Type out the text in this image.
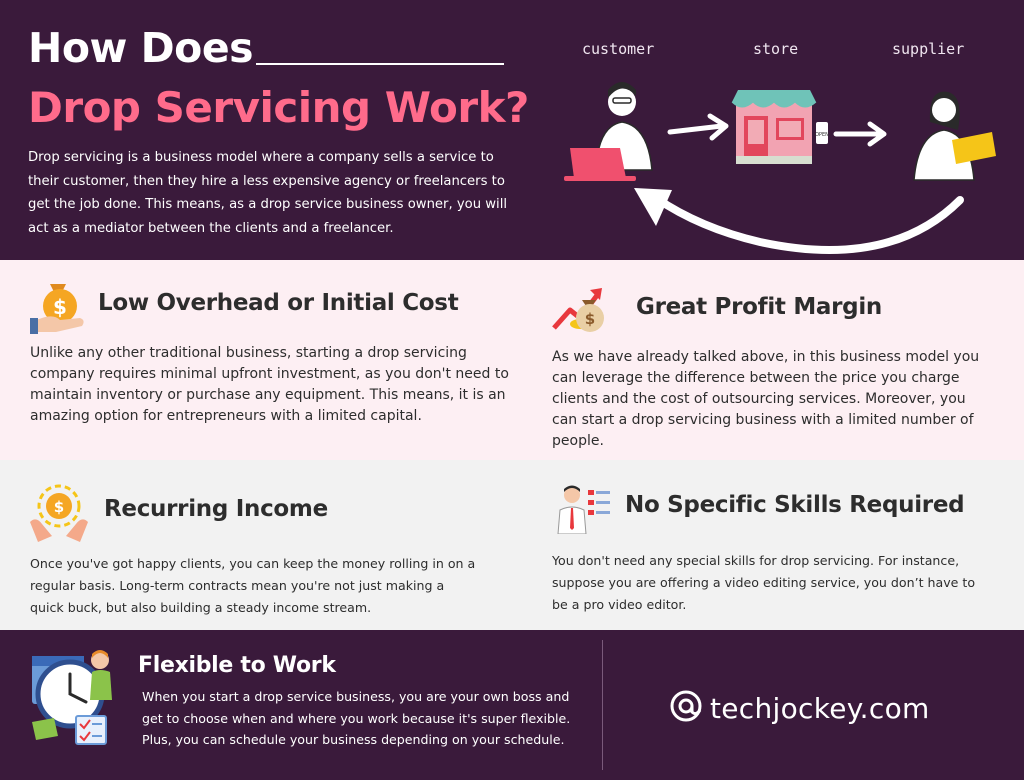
How Does
Drop Servicing Work?
Drop servicing is a business model where a company sells a service to their customer, then they hire a less expensive agency or freelancers to get the job done. This means, as a drop service business owner, you will act as a mediator between the clients and a freelancer.
customer	store	supplier
OPEN
$ Low Overhead or Initial Cost
Unlike any other traditional business, starting a drop servicing company requires minimal upfront investment, as you don't need to maintain inventory or purchase any equipment. This means, it is an amazing option for entrepreneurs with a limited capital.
$ Great Profit Margin
As we have already talked above, in this business model you can leverage the difference between the price you charge clients and the cost of outsourcing services. Moreover, you can start a drop servicing business with a limited number of people.
$ Recurring Income
Once you've got happy clients, you can keep the money rolling in on a regular basis. Long-term contracts mean you're not just making a quick buck, but also building a steady income stream.
No Specific Skills Required
You don't need any special skills for drop servicing. For instance, suppose you are offering a video editing service, you don’t have to be a pro video editor.
Flexible to Work
When you start a drop service business, you are your own boss and get to choose when and where you work because it's super flexible. Plus, you can schedule your business depending on your schedule.
techjockey.com
